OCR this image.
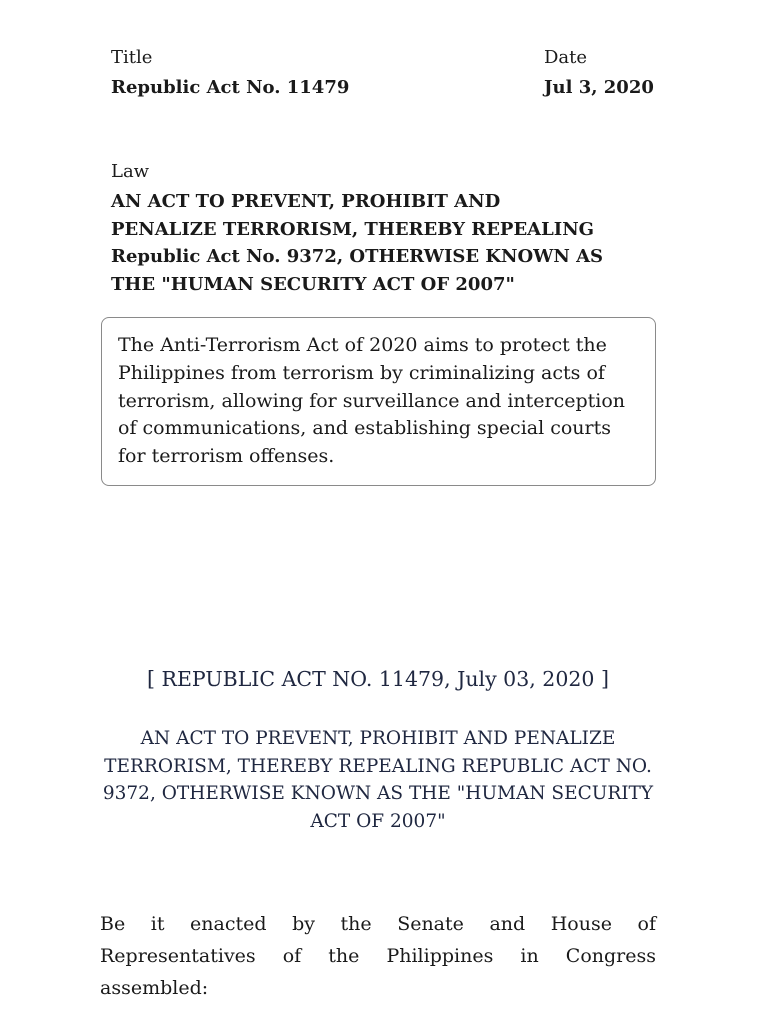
Title
Republic Act No. 11479
Date
Jul 3, 2020
Law
AN ACT TO PREVENT, PROHIBIT AND PENALIZE TERRORISM, THEREBY REPEALING Republic Act No. 9372, OTHERWISE KNOWN AS THE "HUMAN SECURITY ACT OF 2007"
The Anti-Terrorism Act of 2020 aims to protect the Philippines from terrorism by criminalizing acts of terrorism, allowing for surveillance and interception of communications, and establishing special courts for terrorism offenses.
[ REPUBLIC ACT NO. 11479, July 03, 2020 ]
AN ACT TO PREVENT, PROHIBIT AND PENALIZE TERRORISM, THEREBY REPEALING REPUBLIC ACT NO. 9372, OTHERWISE KNOWN AS THE "HUMAN SECURITY ACT OF 2007"
Be it enacted by the Senate and House of Representatives of the Philippines in Congress assembled:
